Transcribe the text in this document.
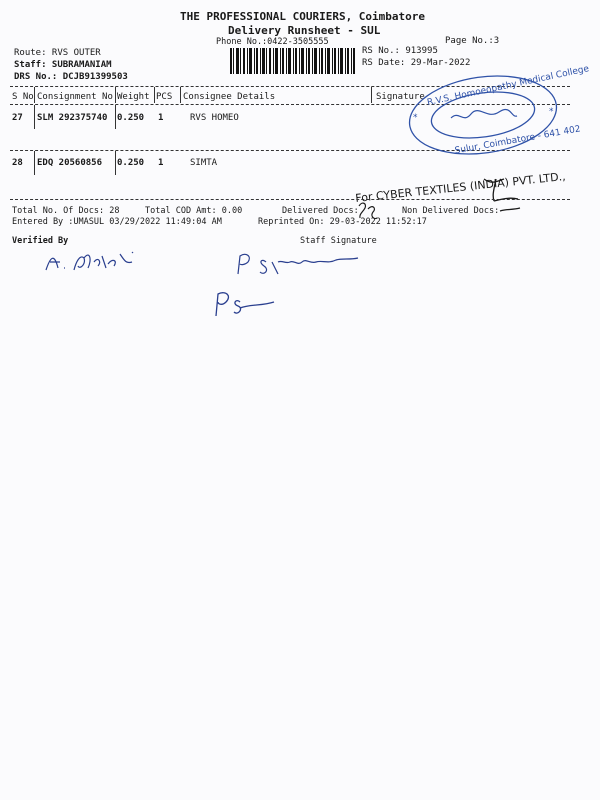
THE PROFESSIONAL COURIERS, Coimbatore
Delivery Runsheet - SUL
Phone No.:0422-3505555	Page No.:3
Route: RVS OUTER
Staff: SUBRAMANIAM
DRS No.: DCJB91399503
RS No.: 913995
RS Date: 29-Mar-2022
S No Consignment No Weight PCS Consignee Details	Signature
27 SLM 292375740 0.250 1	RVS HOMEO
28 EDQ 20560856 0.250 1	SIMTA
R.V.S. Homoeopathy Medical College
Sulur, Coimbatore - 641 402
*
*
For CYBER TEXTILES (INDIA) PVT. LTD.,
Total No. Of Docs: 28	Total COD Amt: 0.00	Delivered Docs:	Non Delivered Docs:
Entered By :UMASUL 03/29/2022 11:49:04 AM	Reprinted On: 29-03-2022 11:52:17
Verified By	Staff Signature
